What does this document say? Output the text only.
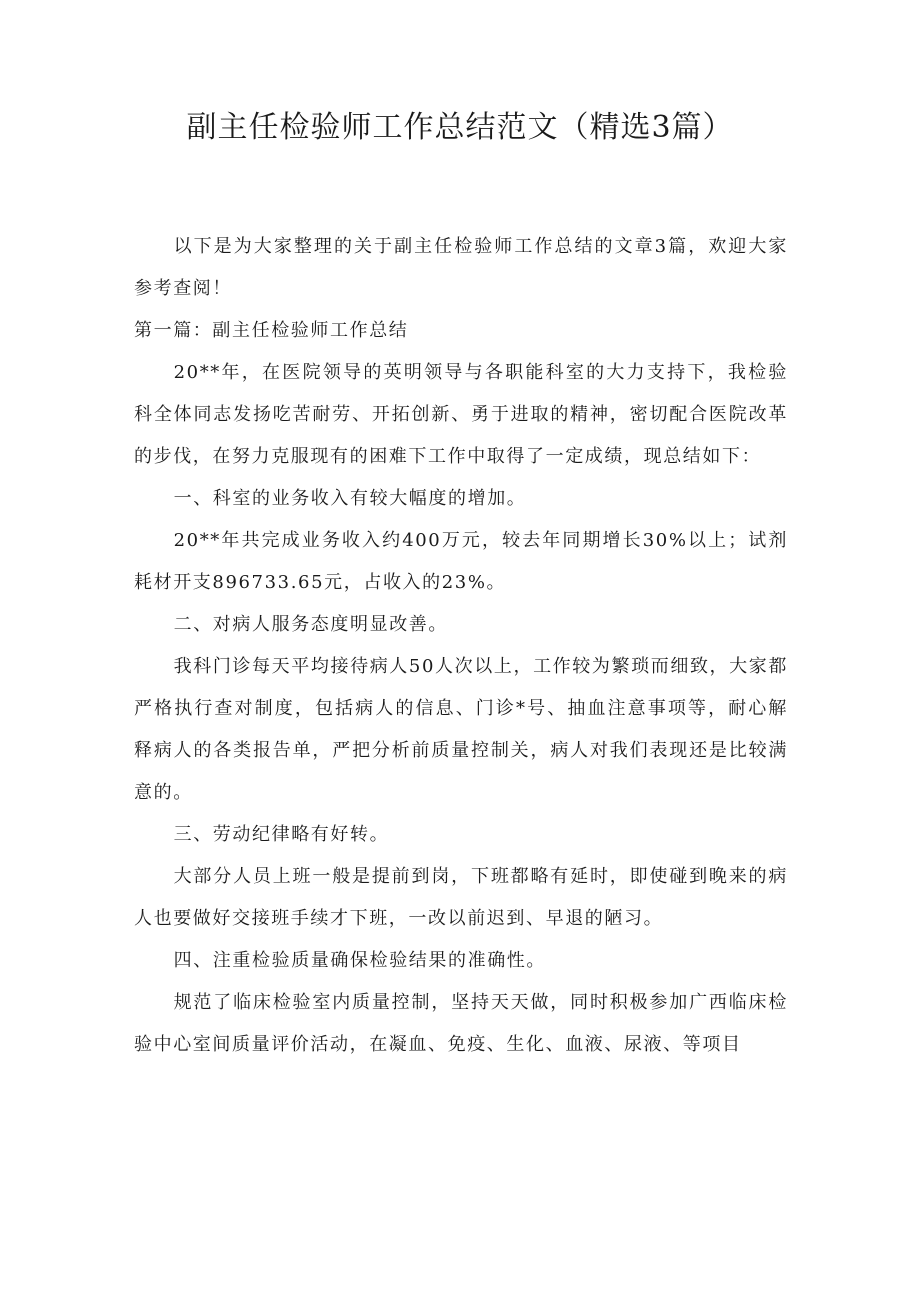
副主任检验师工作总结范文（精选3篇）

以下是为大家整理的关于副主任检验师工作总结的文章3篇，欢迎大家参考查阅！

第一篇：副主任检验师工作总结

20**年，在医院领导的英明领导与各职能科室的大力支持下，我检验科全体同志发扬吃苦耐劳、开拓创新、勇于进取的精神，密切配合医院改革的步伐，在努力克服现有的困难下工作中取得了一定成绩，现总结如下：

一、科室的业务收入有较大幅度的增加。

20**年共完成业务收入约400万元，较去年同期增长30%以上；试剂耗材开支896733.65元，占收入的23%。

二、对病人服务态度明显改善。

我科门诊每天平均接待病人50人次以上，工作较为繁琐而细致，大家都严格执行查对制度，包括病人的信息、门诊*号、抽血注意事项等，耐心解释病人的各类报告单，严把分析前质量控制关，病人对我们表现还是比较满意的。

三、劳动纪律略有好转。

大部分人员上班一般是提前到岗，下班都略有延时，即使碰到晚来的病人也要做好交接班手续才下班，一改以前迟到、早退的陋习。

四、注重检验质量确保检验结果的准确性。

规范了临床检验室内质量控制，坚持天天做，同时积极参加广西临床检验中心室间质量评价活动，在凝血、免疫、生化、血液、尿液、等项目
